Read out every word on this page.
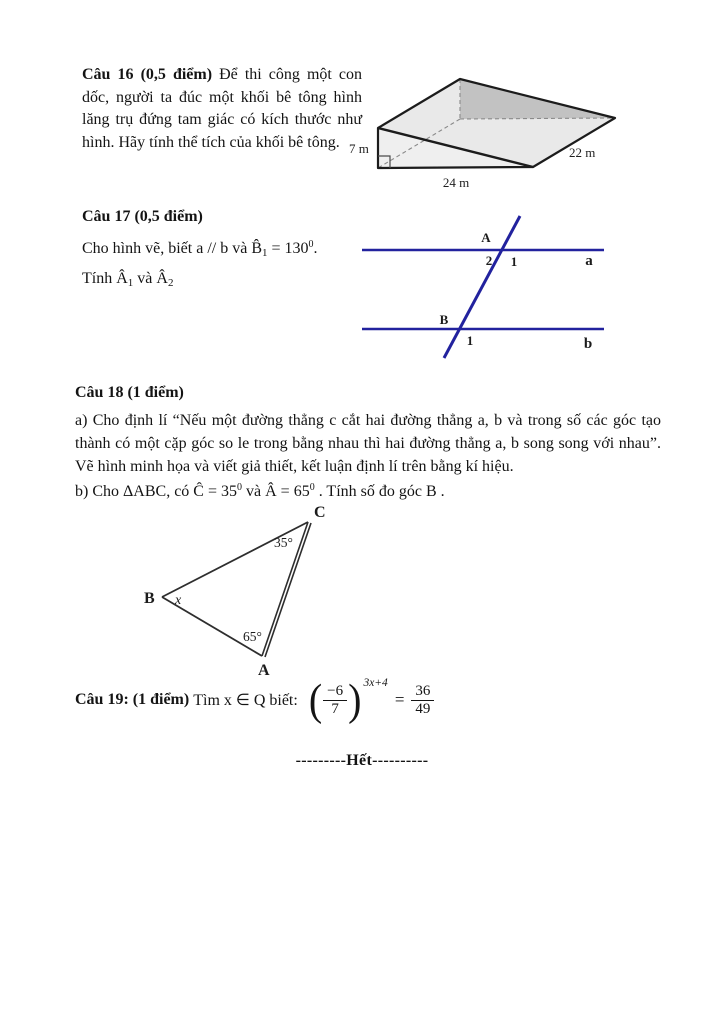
Câu 16 (0,5 điểm) Để thi công một con dốc, người ta đúc một khối bê tông hình lăng trụ đứng tam giác có kích thước như hình. Hãy tính thể tích của khối bê tông. 7 m
24 m
22 m
Câu 17 (0,5 điểm)
Cho hình vẽ, biết a // b và $B̂_1 = 130^0$.
Tính $Â_1$ và $Â_2$
A
2 1	a
B
1	b
Câu 18 (1 điểm)
a) Cho định lí “Nếu một đường thẳng c cắt hai đường thẳng a, b và trong số các góc tạo thành có một cặp góc so le trong bằng nhau thì hai đường thẳng a, b song song với nhau”. Vẽ hình minh họa và viết giả thiết, kết luận định lí trên bằng kí hiệu.
b) Cho ΔABC, có Ĉ = $35^0$ và Â = $65^0$ . Tính số đo góc B .
C
B
A
35°
65°
x
Câu 19: (1 điểm) Tìm x ∈ Q biết: ( $\frac{-6}{7}$ ) 3x+4
= $\frac{36}{49}$
---------Hết----------
